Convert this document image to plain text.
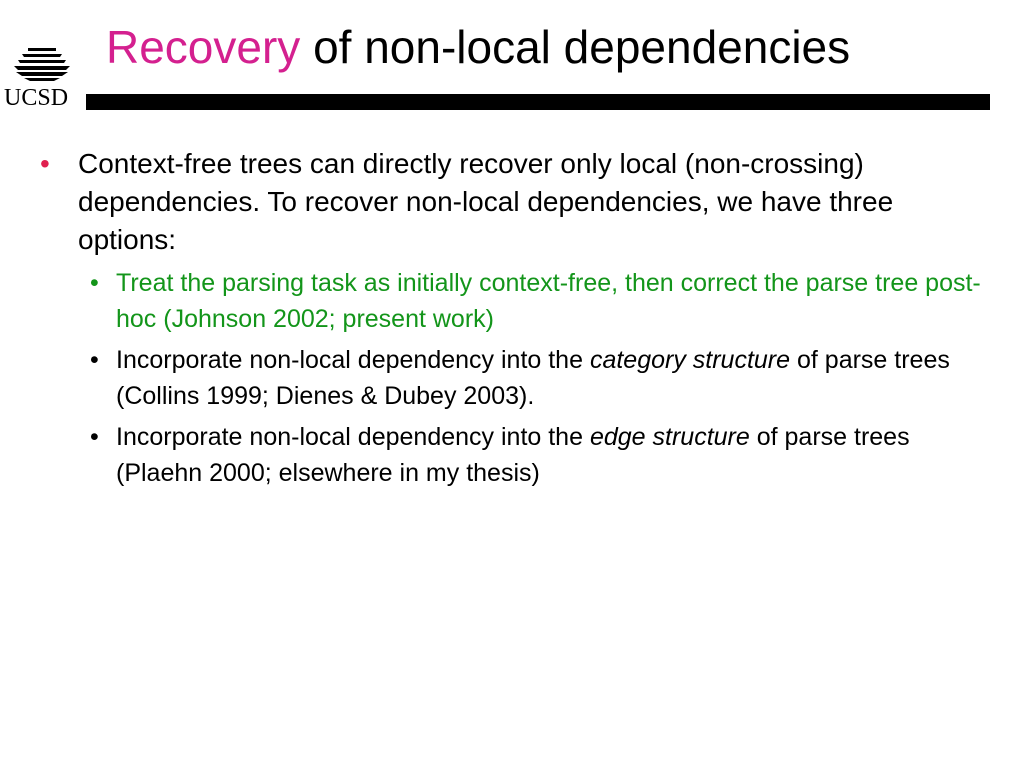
UCSD
Recovery of non-local dependencies
• Context-free trees can directly recover only local (non-crossing) dependencies. To recover non-local dependencies, we have three options:
• Treat the parsing task as initially context-free, then correct the parse tree post-hoc (Johnson 2002; present work)
• Incorporate non-local dependency into the category structure of parse trees (Collins 1999; Dienes & Dubey 2003).
• Incorporate non-local dependency into the edge structure of parse trees (Plaehn 2000; elsewhere in my thesis)
